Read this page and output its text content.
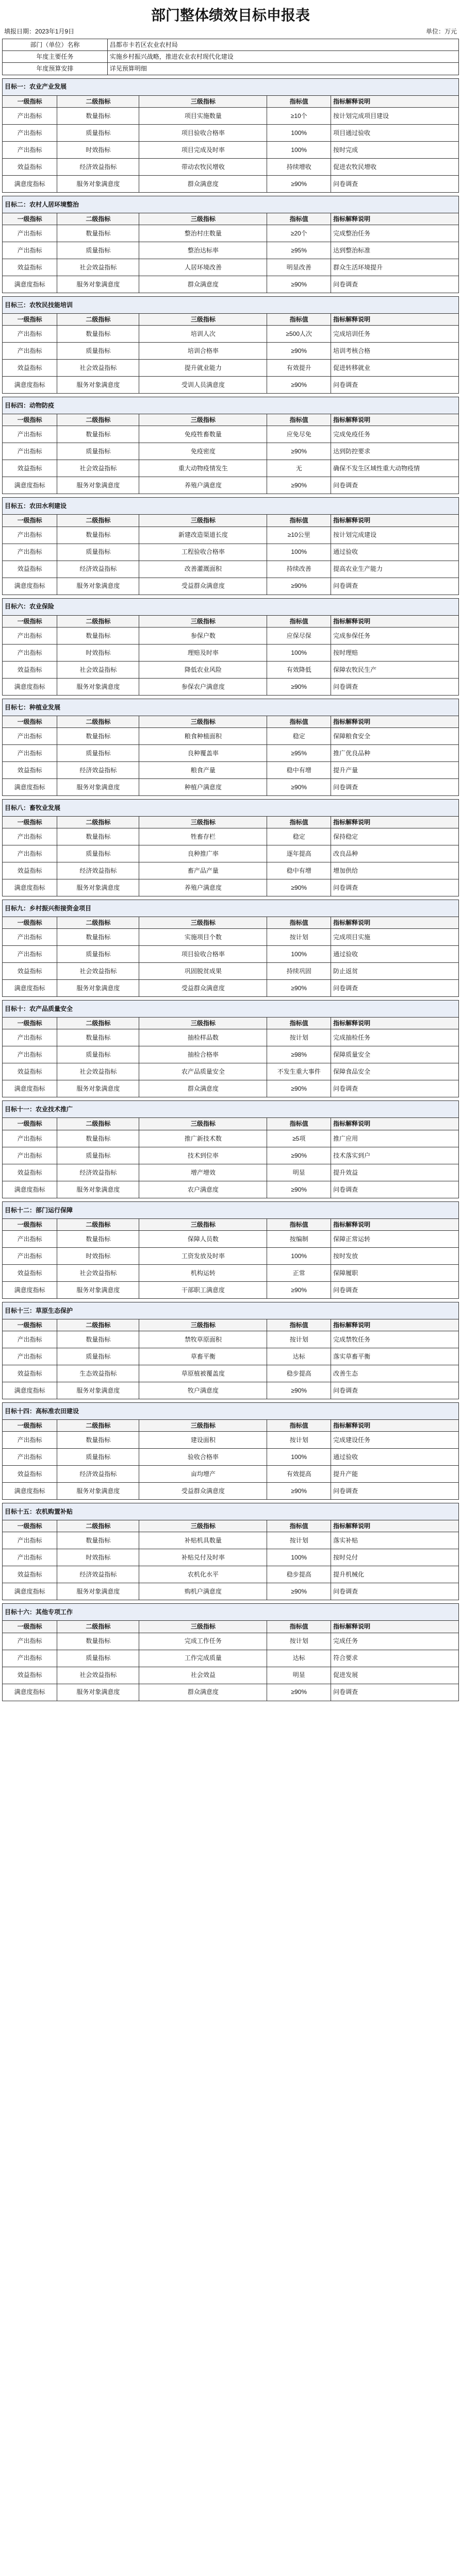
部门整体绩效目标申报表
填报日期：2023年1月9日	单位：万元
部门（单位）名称	昌都市卡若区农业农村局
年度主要任务	实施乡村振兴战略，推进农业农村现代化建设
年度预算安排	详见预算明细
目标一：农业产业发展				
一级指标	二级指标	三级指标	指标值	指标解释说明
产出指标	数量指标	项目实施数量	≥10个	按计划完成项目建设
产出指标	质量指标	项目验收合格率	100%	项目通过验收
产出指标	时效指标	项目完成及时率	100%	按时完成
效益指标	经济效益指标	带动农牧民增收	持续增收	促进农牧民增收
满意度指标	服务对象满意度	群众满意度	≥90%	问卷调查
目标二：农村人居环境整治				
一级指标	二级指标	三级指标	指标值	指标解释说明
产出指标	数量指标	整治村庄数量	≥20个	完成整治任务
产出指标	质量指标	整治达标率	≥95%	达到整治标准
效益指标	社会效益指标	人居环境改善	明显改善	群众生活环境提升
满意度指标	服务对象满意度	群众满意度	≥90%	问卷调查
目标三：农牧民技能培训				
一级指标	二级指标	三级指标	指标值	指标解释说明
产出指标	数量指标	培训人次	≥500人次	完成培训任务
产出指标	质量指标	培训合格率	≥90%	培训考核合格
效益指标	社会效益指标	提升就业能力	有效提升	促进转移就业
满意度指标	服务对象满意度	受训人员满意度	≥90%	问卷调查
目标四：动物防疫				
一级指标	二级指标	三级指标	指标值	指标解释说明
产出指标	数量指标	免疫牲畜数量	应免尽免	完成免疫任务
产出指标	质量指标	免疫密度	≥90%	达到防控要求
效益指标	社会效益指标	重大动物疫情发生	无	确保不发生区域性重大动物疫情
满意度指标	服务对象满意度	养殖户满意度	≥90%	问卷调查
目标五：农田水利建设				
一级指标	二级指标	三级指标	指标值	指标解释说明
产出指标	数量指标	新建改造渠道长度	≥10公里	按计划完成建设
产出指标	质量指标	工程验收合格率	100%	通过验收
效益指标	经济效益指标	改善灌溉面积	持续改善	提高农业生产能力
满意度指标	服务对象满意度	受益群众满意度	≥90%	问卷调查
目标六：农业保险				
一级指标	二级指标	三级指标	指标值	指标解释说明
产出指标	数量指标	参保户数	应保尽保	完成参保任务
产出指标	时效指标	理赔及时率	100%	按时理赔
效益指标	社会效益指标	降低农业风险	有效降低	保障农牧民生产
满意度指标	服务对象满意度	参保农户满意度	≥90%	问卷调查
目标七：种植业发展				
一级指标	二级指标	三级指标	指标值	指标解释说明
产出指标	数量指标	粮食种植面积	稳定	保障粮食安全
产出指标	质量指标	良种覆盖率	≥95%	推广优良品种
效益指标	经济效益指标	粮食产量	稳中有增	提升产量
满意度指标	服务对象满意度	种植户满意度	≥90%	问卷调查
目标八：畜牧业发展				
一级指标	二级指标	三级指标	指标值	指标解释说明
产出指标	数量指标	牲畜存栏	稳定	保持稳定
产出指标	质量指标	良种推广率	逐年提高	改良品种
效益指标	经济效益指标	畜产品产量	稳中有增	增加供给
满意度指标	服务对象满意度	养殖户满意度	≥90%	问卷调查
目标九：乡村振兴衔接资金项目				
一级指标	二级指标	三级指标	指标值	指标解释说明
产出指标	数量指标	实施项目个数	按计划	完成项目实施
产出指标	质量指标	项目验收合格率	100%	通过验收
效益指标	社会效益指标	巩固脱贫成果	持续巩固	防止返贫
满意度指标	服务对象满意度	受益群众满意度	≥90%	问卷调查
目标十：农产品质量安全				
一级指标	二级指标	三级指标	指标值	指标解释说明
产出指标	数量指标	抽检样品数	按计划	完成抽检任务
产出指标	质量指标	抽检合格率	≥98%	保障质量安全
效益指标	社会效益指标	农产品质量安全	不发生重大事件	保障食品安全
满意度指标	服务对象满意度	群众满意度	≥90%	问卷调查
目标十一：农业技术推广				
一级指标	二级指标	三级指标	指标值	指标解释说明
产出指标	数量指标	推广新技术数	≥5项	推广应用
产出指标	质量指标	技术到位率	≥90%	技术落实到户
效益指标	经济效益指标	增产增效	明显	提升效益
满意度指标	服务对象满意度	农户满意度	≥90%	问卷调查
目标十二：部门运行保障				
一级指标	二级指标	三级指标	指标值	指标解释说明
产出指标	数量指标	保障人员数	按编制	保障正常运转
产出指标	时效指标	工资发放及时率	100%	按时发放
效益指标	社会效益指标	机构运转	正常	保障履职
满意度指标	服务对象满意度	干部职工满意度	≥90%	问卷调查
目标十三：草原生态保护				
一级指标	二级指标	三级指标	指标值	指标解释说明
产出指标	数量指标	禁牧草原面积	按计划	完成禁牧任务
产出指标	质量指标	草畜平衡	达标	落实草畜平衡
效益指标	生态效益指标	草原植被覆盖度	稳步提高	改善生态
满意度指标	服务对象满意度	牧户满意度	≥90%	问卷调查
目标十四：高标准农田建设				
一级指标	二级指标	三级指标	指标值	指标解释说明
产出指标	数量指标	建设面积	按计划	完成建设任务
产出指标	质量指标	验收合格率	100%	通过验收
效益指标	经济效益指标	亩均增产	有效提高	提升产能
满意度指标	服务对象满意度	受益群众满意度	≥90%	问卷调查
目标十五：农机购置补贴				
一级指标	二级指标	三级指标	指标值	指标解释说明
产出指标	数量指标	补贴机具数量	按计划	落实补贴
产出指标	时效指标	补贴兑付及时率	100%	按时兑付
效益指标	经济效益指标	农机化水平	稳步提高	提升机械化
满意度指标	服务对象满意度	购机户满意度	≥90%	问卷调查
目标十六：其他专项工作				
一级指标	二级指标	三级指标	指标值	指标解释说明
产出指标	数量指标	完成工作任务	按计划	完成任务
产出指标	质量指标	工作完成质量	达标	符合要求
效益指标	社会效益指标	社会效益	明显	促进发展
满意度指标	服务对象满意度	群众满意度	≥90%	问卷调查
